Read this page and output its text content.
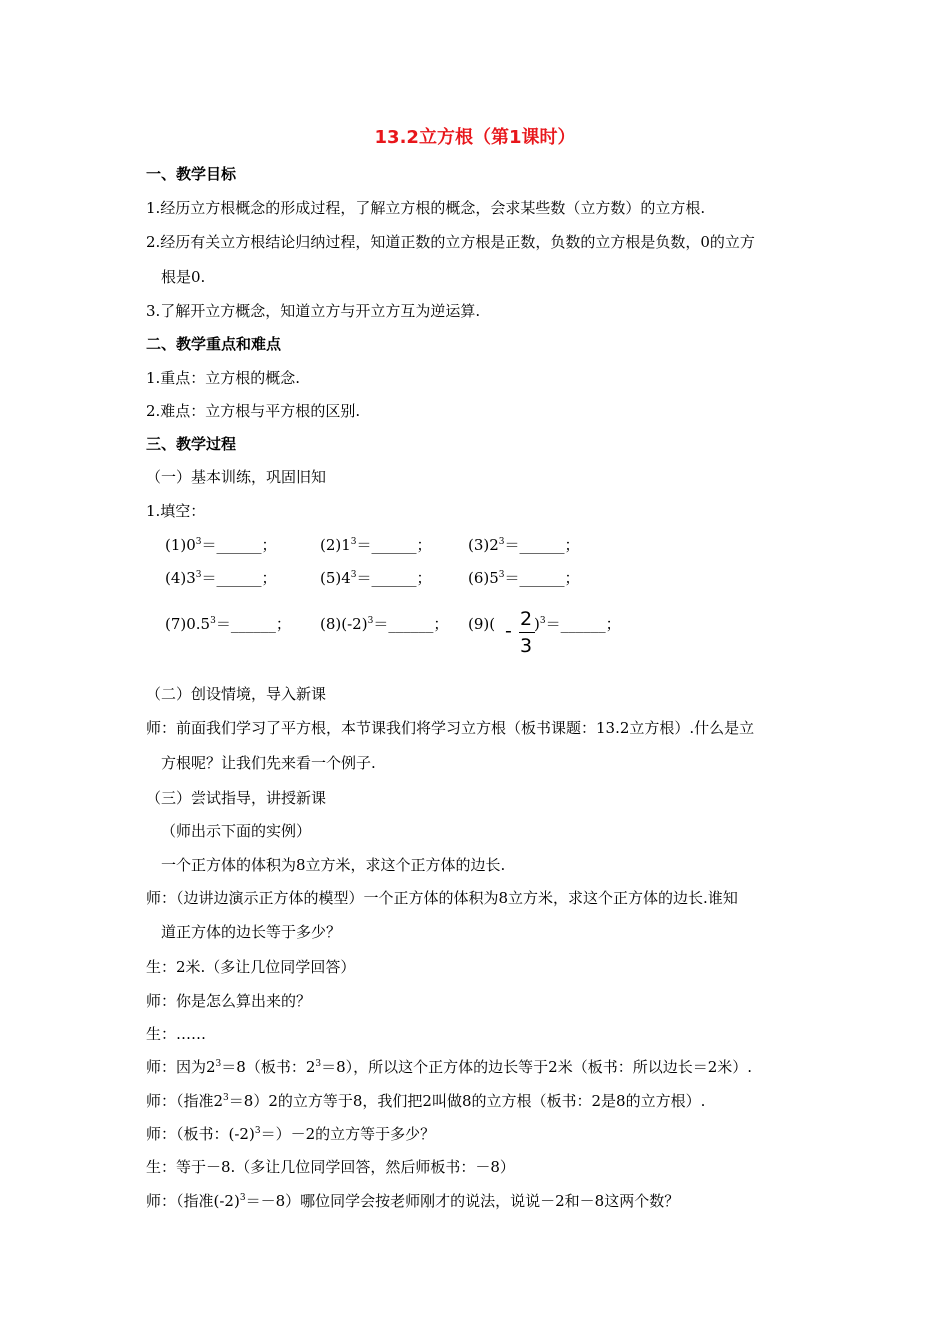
13.2立方根（第1课时）
一、教学目标
1.经历立方根概念的形成过程，了解立方根的概念，会求某些数（立方数）的立方根.
2.经历有关立方根结论归纳过程，知道正数的立方根是正数，负数的立方根是负数，0的立方
根是0.
3.了解开立方概念，知道立方与开立方互为逆运算.
二、教学重点和难点
1.重点：立方根的概念.
2.难点：立方根与平方根的区别.
三、教学过程
（一）基本训练，巩固旧知
1.填空：
$(1)0^3=\_\_\_\_\_\_$；	$(2)1^3=\_\_\_\_\_\_$； $(3)2^3=\_\_\_\_\_\_$；
$(4)3^3=\_\_\_\_\_\_$；	$(5)4^3=\_\_\_\_\_\_$； $(6)5^3=\_\_\_\_\_\_$；
$(7)0.5^3=\_\_\_\_\_\_$； $(8)(-2)^3=\_\_\_\_\_\_$； (9)( -
2
3
)$^3$＝______；
（二）创设情境，导入新课
师：前面我们学习了平方根，本节课我们将学习立方根（板书课题：13.2立方根）.什么是立
方根呢？让我们先来看一个例子.
（三）尝试指导，讲授新课
（师出示下面的实例）
一个正方体的体积为8立方米，求这个正方体的边长.
师：（边讲边演示正方体的模型）一个正方体的体积为8立方米，求这个正方体的边长.谁知
道正方体的边长等于多少？
生：2米.（多让几位同学回答）
师：你是怎么算出来的？
生：……
师：因为$2^3=8$（板书：$2^3=8$），所以这个正方体的边长等于2米（板书：所以边长＝2米）.
师：（指准$2^3=8)2$的立方等于8，我们把2叫做8的立方根（板书：2是8的立方根）.
师：（板书：$(-2)^3=)-2$的立方等于多少？
生：等于－8.（多让几位同学回答，然后师板书：－8）
师：（指准$(-2)^3=-8$）哪位同学会按老师刚才的说法，说说－2和－8这两个数？
